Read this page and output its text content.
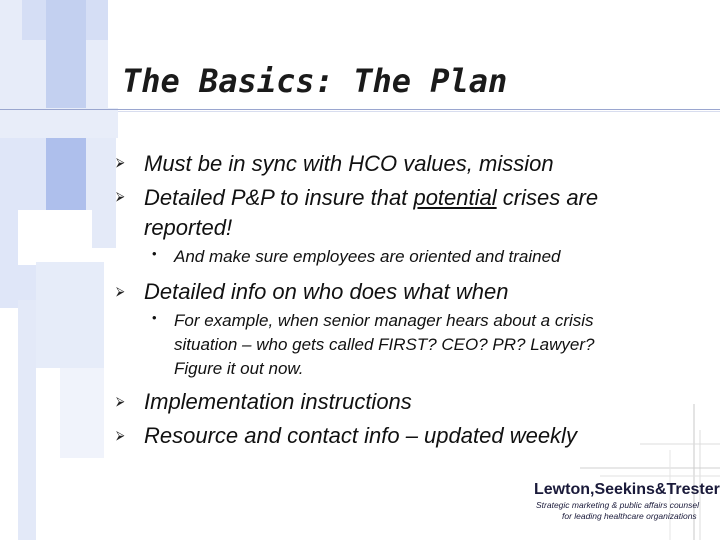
The Basics: The Plan
⮚ Must be in sync with HCO values, mission
⮚ Detailed P&P to insure that potential crises are
reported!
• And make sure employees are oriented and trained
⮚ Detailed info on who does what when
• For example, when senior manager hears about a crisis
situation – who gets called FIRST? CEO? PR? Lawyer?
Figure it out now.
⮚ Implementation instructions
⮚ Resource and contact info – updated weekly
Lewton,Seekins&Trester
Strategic marketing & public affairs counsel
for leading healthcare organizations
